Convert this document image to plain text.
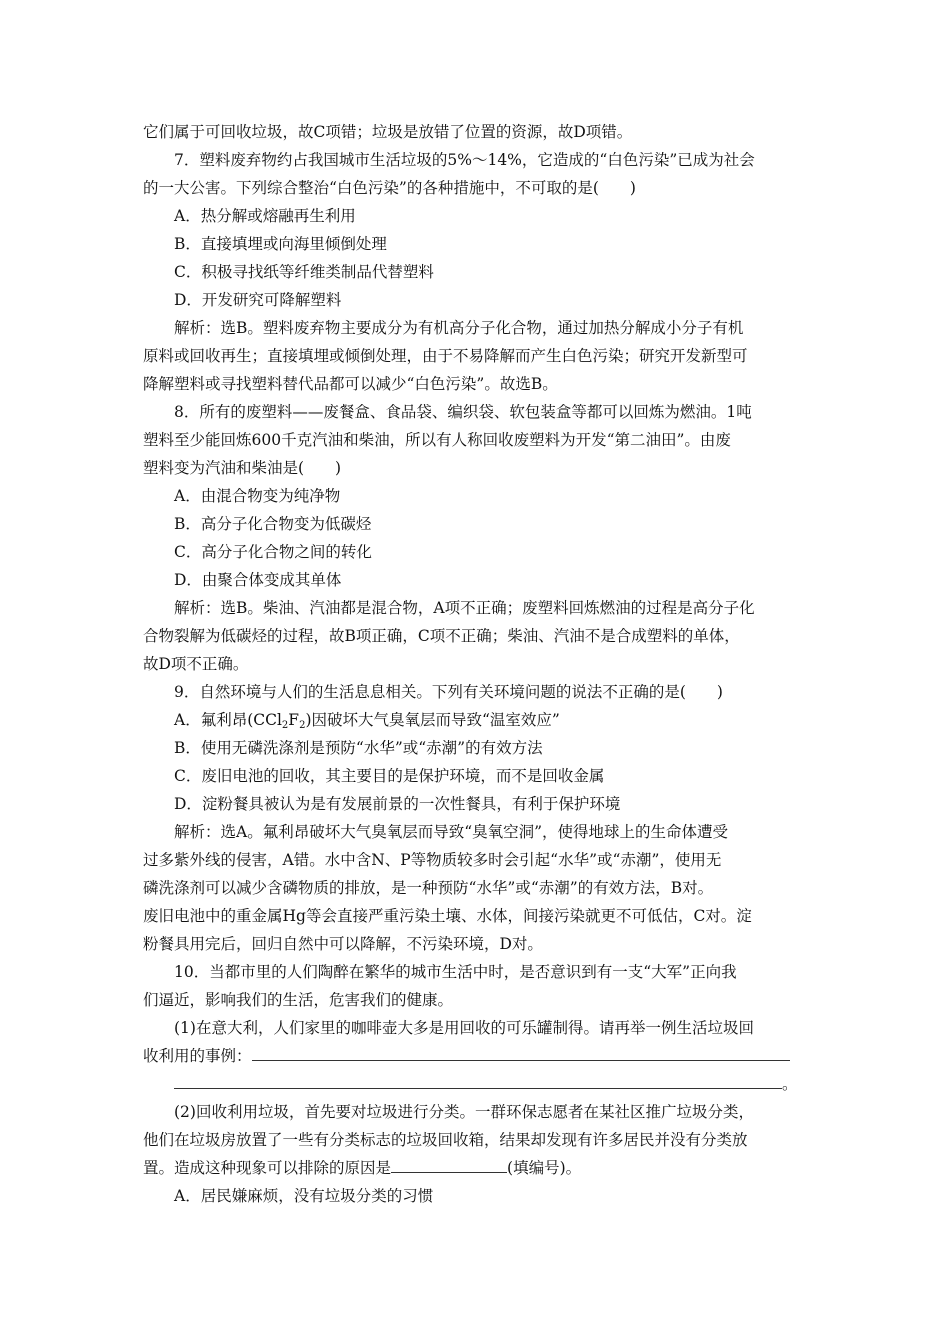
它们属于可回收垃圾，故C项错；垃圾是放错了位置的资源，故D项错。
7．塑料废弃物约占我国城市生活垃圾的5%～14%，它造成的“白色污染”已成为社会
的一大公害。下列综合整治“白色污染”的各种措施中，不可取的是(　　)
A．热分解或熔融再生利用
B．直接填埋或向海里倾倒处理
C．积极寻找纸等纤维类制品代替塑料
D．开发研究可降解塑料
解析：选B。塑料废弃物主要成分为有机高分子化合物，通过加热分解成小分子有机
原料或回收再生；直接填埋或倾倒处理，由于不易降解而产生白色污染；研究开发新型可
降解塑料或寻找塑料替代品都可以减少“白色污染”。故选B。
8．所有的废塑料——废餐盒、食品袋、编织袋、软包装盒等都可以回炼为燃油。1吨
塑料至少能回炼600千克汽油和柴油，所以有人称回收废塑料为开发“第二油田”。由废
塑料变为汽油和柴油是(　　)
A．由混合物变为纯净物
B．高分子化合物变为低碳烃
C．高分子化合物之间的转化
D．由聚合体变成其单体
解析：选B。柴油、汽油都是混合物，A项不正确；废塑料回炼燃油的过程是高分子化
合物裂解为低碳烃的过程，故B项正确，C项不正确；柴油、汽油不是合成塑料的单体，
故D项不正确。
9．自然环境与人们的生活息息相关。下列有关环境问题的说法不正确的是(　　)
A．氟利昂$(CCl_2F_2)$因破坏大气臭氧层而导致“温室效应”
B．使用无磷洗涤剂是预防“水华”或“赤潮”的有效方法
C．废旧电池的回收，其主要目的是保护环境，而不是回收金属
D．淀粉餐具被认为是有发展前景的一次性餐具，有利于保护环境
解析：选A。氟利昂破坏大气臭氧层而导致“臭氧空洞”，使得地球上的生命体遭受
过多紫外线的侵害，A错。水中含N、P等物质较多时会引起“水华”或“赤潮”，使用无
磷洗涤剂可以减少含磷物质的排放，是一种预防“水华”或“赤潮”的有效方法，B对。
废旧电池中的重金属Hg等会直接严重污染土壤、水体，间接污染就更不可低估，C对。淀
粉餐具用完后，回归自然中可以降解，不污染环境，D对。
10．当都市里的人们陶醉在繁华的城市生活中时，是否意识到有一支“大军”正向我
们逼近，影响我们的生活，危害我们的健康。
(1)在意大利，人们家里的咖啡壶大多是用回收的可乐罐制得。请再举一例生活垃圾回
收利用的事例：
。
(2)回收利用垃圾，首先要对垃圾进行分类。一群环保志愿者在某社区推广垃圾分类，
他们在垃圾房放置了一些有分类标志的垃圾回收箱，结果却发现有许多居民并没有分类放
置。造成这种现象可以排除的原因是	(填编号)。
A．居民嫌麻烦，没有垃圾分类的习惯
